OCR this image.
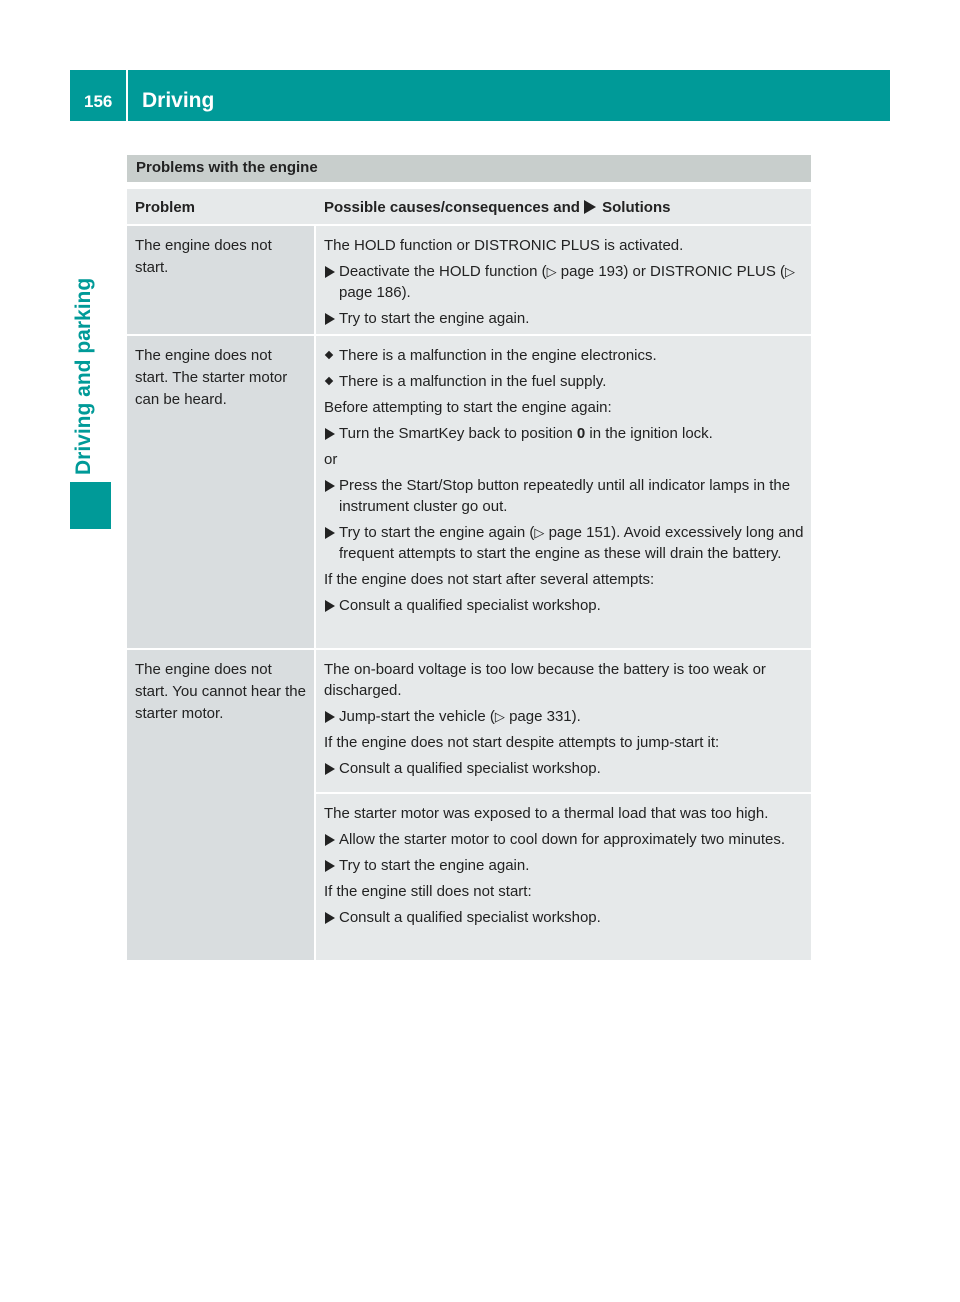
156 Driving
Driving and parking
Problems with the engine
Problem	Possible causes/consequences and Solutions
The engine does not start.
The HOLD function or DISTRONIC PLUS is activated.
Deactivate the HOLD function (▷ page 193) or DISTRONIC PLUS (▷ page 186).
Try to start the engine again.
The engine does not start. The starter motor can be heard.
There is a malfunction in the engine electronics.
There is a malfunction in the fuel supply.
Before attempting to start the engine again:
Turn the SmartKey back to position 0 in the ignition lock.
or
Press the Start/Stop button repeatedly until all indicator lamps in the instrument cluster go out.
Try to start the engine again (▷ page 151). Avoid excessively long and frequent attempts to start the engine as these will drain the battery.
If the engine does not start after several attempts:
Consult a qualified specialist workshop.
The engine does not start. You cannot hear the starter motor.
The on-board voltage is too low because the battery is too weak or discharged.
Jump-start the vehicle (▷ page 331).
If the engine does not start despite attempts to jump-start it:
Consult a qualified specialist workshop.
The starter motor was exposed to a thermal load that was too high.
Allow the starter motor to cool down for approximately two minutes.
Try to start the engine again.
If the engine still does not start:
Consult a qualified specialist workshop.
